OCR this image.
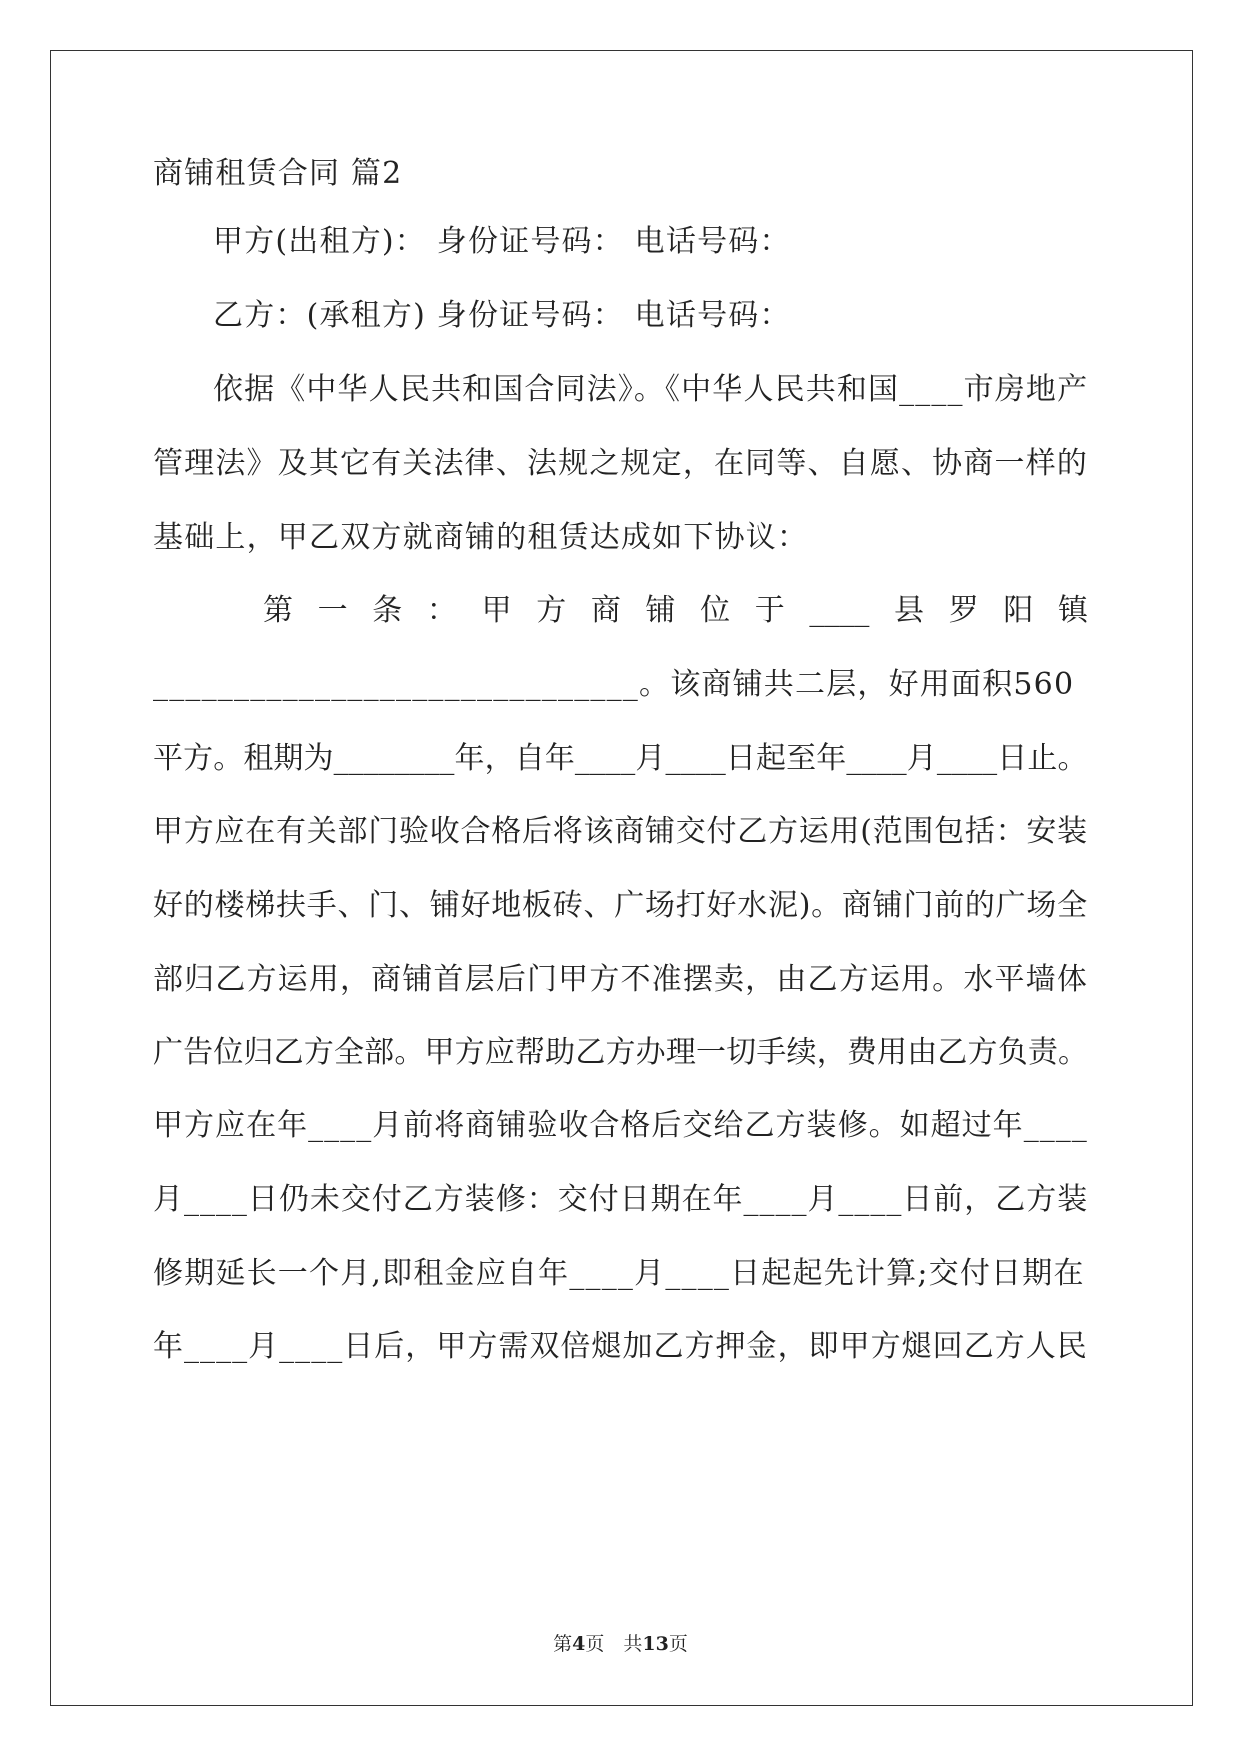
商铺租赁合同 篇2
甲方(出租方)： 身份证号码： 电话号码：
乙方：(承租方) 身份证号码： 电话号码：
依据《中华人民共和国合同法》。《中华人民共和国____市房地产
管理法》及其它有关法律、法规之规定，在同等、自愿、协商一样的
基础上，甲乙双方就商铺的租赁达成如下协议：
第 一 条 ： 甲 方 商 铺 位 于 ____ 县 罗 阳 镇
______________________________。该商铺共二层，好用面积560
平方。租期为________年，自年____月____日起至年____月____日止。
甲方应在有关部门验收合格后将该商铺交付乙方运用(范围包括：安装
好的楼梯扶手、门、铺好地板砖、广场打好水泥)。商铺门前的广场全
部归乙方运用，商铺首层后门甲方不准摆卖，由乙方运用。水平墙体
广告位归乙方全部。甲方应帮助乙方办理一切手续，费用由乙方负责。
甲方应在年____月前将商铺验收合格后交给乙方装修。如超过年____
月____日仍未交付乙方装修：交付日期在年____月____日前，乙方装
修期延长一个月,即租金应自年____月____日起起先计算;交付日期在
年____月____日后，甲方需双倍煺加乙方押金，即甲方煺回乙方人民
第4页　共13页
